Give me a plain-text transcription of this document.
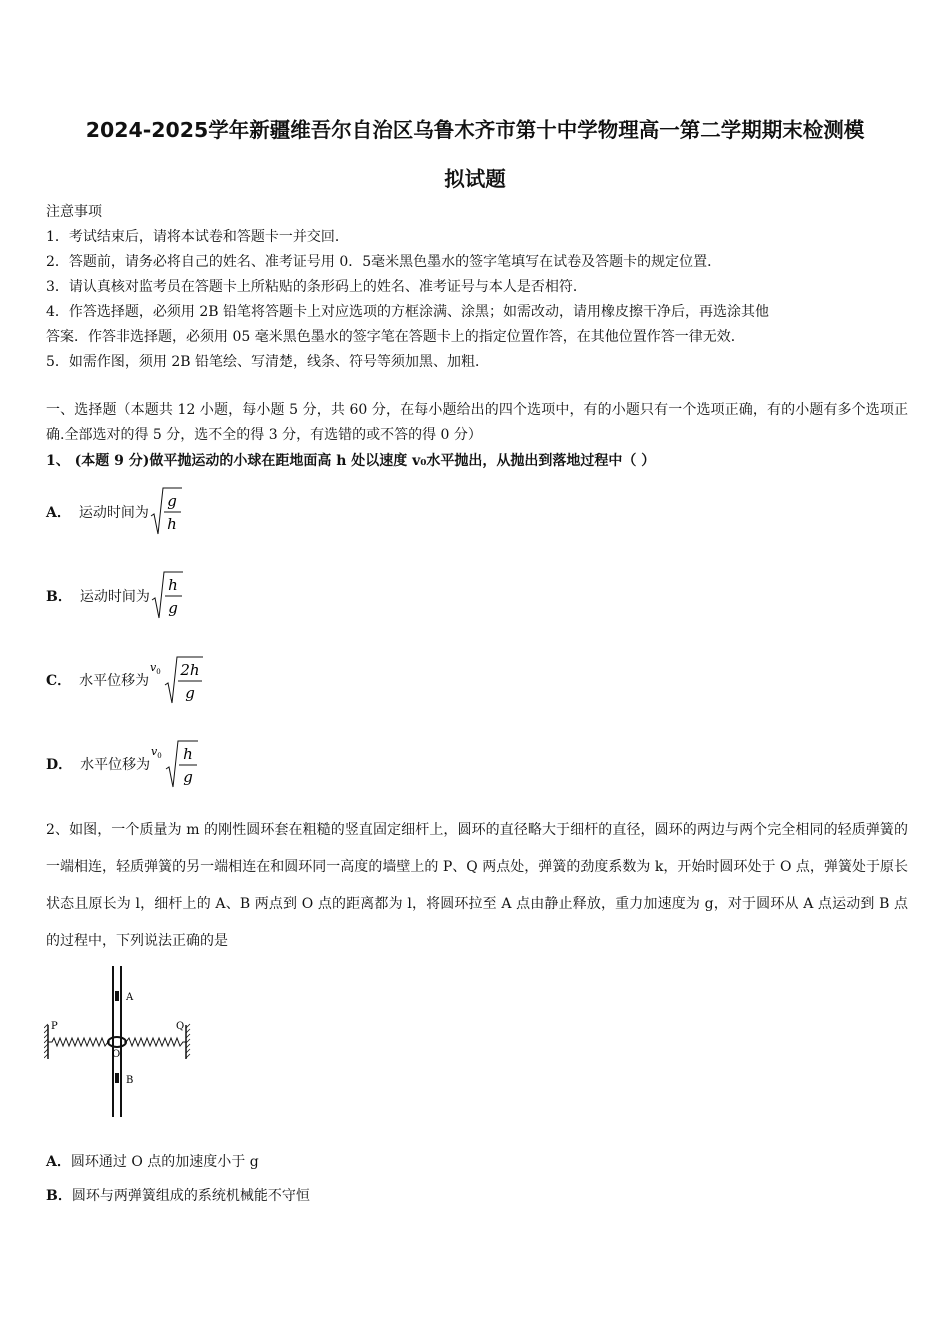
2024-2025学年新疆维吾尔自治区乌鲁木齐市第十中学物理高一第二学期期末检测模
拟试题
注意事项
1．考试结束后，请将本试卷和答题卡一并交回．
2．答题前，请务必将自己的姓名、准考证号用 0．5毫米黑色墨水的签字笔填写在试卷及答题卡的规定位置．
3．请认真核对监考员在答题卡上所粘贴的条形码上的姓名、准考证号与本人是否相符．
4．作答选择题，必须用 2B 铅笔将答题卡上对应选项的方框涂满、涂黑；如需改动，请用橡皮擦干净后，再选涂其他
答案．作答非选择题，必须用 05 毫米黑色墨水的签字笔在答题卡上的指定位置作答，在其他位置作答一律无效．
5．如需作图，须用 2B 铅笔绘、写清楚，线条、符号等须加黑、加粗．
一、选择题（本题共 12 小题，每小题 5 分，共 60 分，在每小题给出的四个选项中，有的小题只有一个选项正确，有的小题有多个选项正确.全部选对的得 5 分，选不全的得 3 分，有选错的或不答的得 0 分）
1、 (本题 9 分)做平抛运动的小球在距地面高 h 处以速度 v₀水平抛出，从抛出到落地过程中（ ）
A． 运动时间为
g
h
B． 运动时间为
h
g
C． 水平位移为
$v_0$ 2h
g
D． 水平位移为
$v_0$ h
g
2、如图，一个质量为 m 的刚性圆环套在粗糙的竖直固定细杆上，圆环的直径略大于细杆的直径，圆环的两边与两个完全相同的轻质弹簧的一端相连，轻质弹簧的另一端相连在和圆环同一高度的墙壁上的 P、Q 两点处，弹簧的劲度系数为 k，开始时圆环处于 O 点，弹簧处于原长状态且原长为 l，细杆上的 A、B 两点到 O 点的距离都为 l，将圆环拉至 A 点由静止释放，重力加速度为 g，对于圆环从 A 点运动到 B 点的过程中，下列说法正确的是
A
B
P	Q
O
A．圆环通过 O 点的加速度小于 g
B．圆环与两弹簧组成的系统机械能不守恒
